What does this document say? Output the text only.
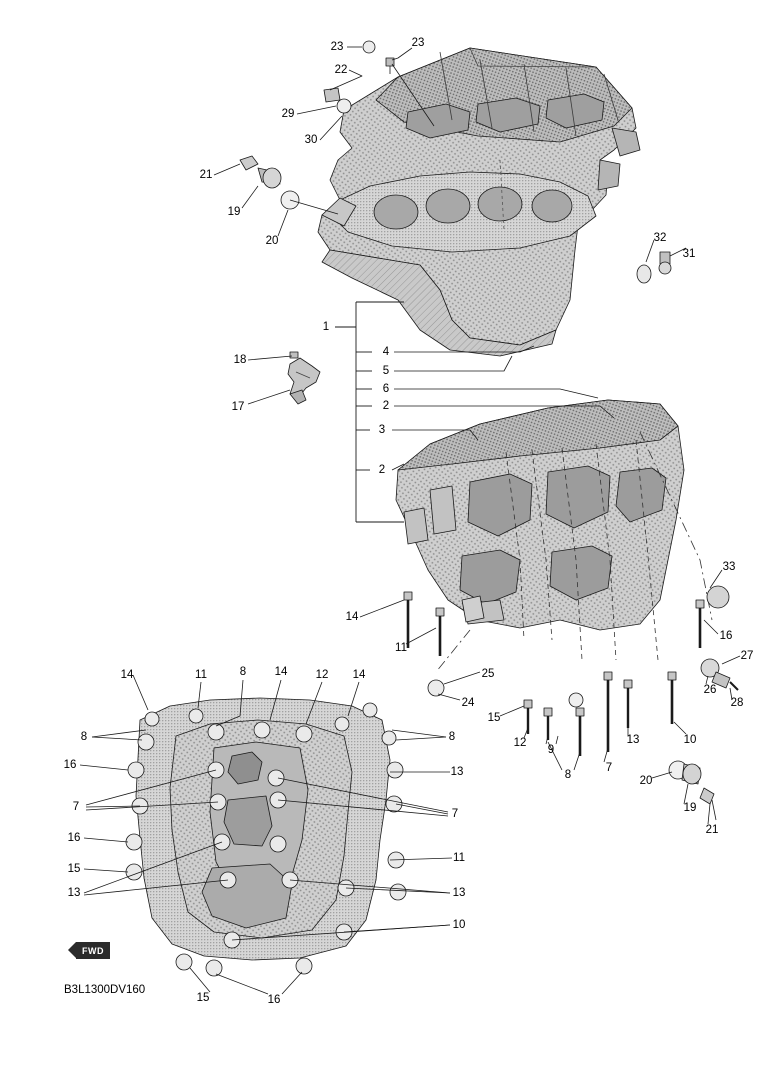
FWD
B3L1300DV160
23	23
22
29
30
21
19
20	32
31
1
18
4
5
6
17	2
3
2
33
16
14
11
27
25
24
26
28
15
14	11	8 14 12 14
12
9
13	10
7
8	20
19
21
8	8
16
13
7
7
16
15
11
13	13
10
15	16
